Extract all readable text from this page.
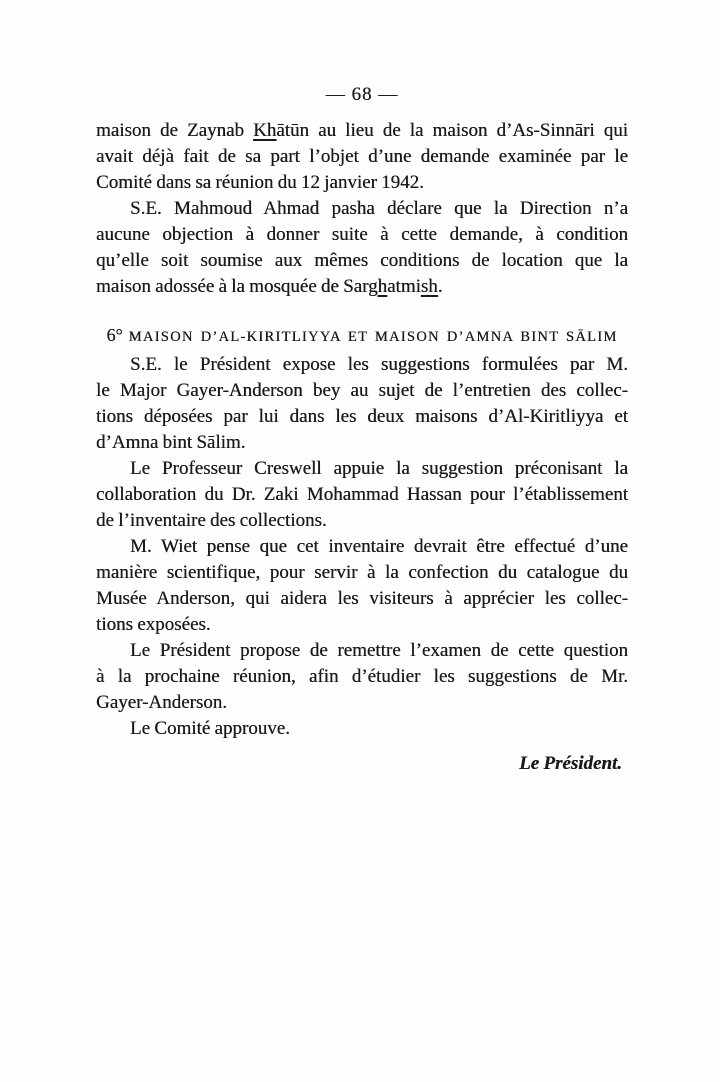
— 68 —
maison de Zaynab Khātūn au lieu de la maison d’As-Sinnāri qui
avait déjà fait de sa part l’objet d’une demande examinée par le
Comité dans sa réunion du 12 janvier 1942.
S.E. Mahmoud Ahmad pasha déclare que la Direction n’a
aucune objection à donner suite à cette demande, à condition
qu’elle soit soumise aux mêmes conditions de location que la
maison adossée à la mosquée de Sarghatmish.
6° MAISON D’AL-KIRITLIYYA ET MAISON D’AMNA BINT SĀLIM
S.E. le Président expose les suggestions formulées par M.
le Major Gayer-Anderson bey au sujet de l’entretien des collec-
tions déposées par lui dans les deux maisons d’Al-Kiritliyya et
d’Amna bint Sālim.
Le Professeur Creswell appuie la suggestion préconisant la
collaboration du Dr. Zaki Mohammad Hassan pour l’établissement
de l’inventaire des collections.
M. Wiet pense que cet inventaire devrait être effectué d’une
manière scientifique, pour servir à la confection du catalogue du
Musée Anderson, qui aidera les visiteurs à apprécier les collec-
tions exposées.
Le Président propose de remettre l’examen de cette question
à la prochaine réunion, afin d’étudier les suggestions de Mr.
Gayer-Anderson.
Le Comité approuve.
Le Président.
